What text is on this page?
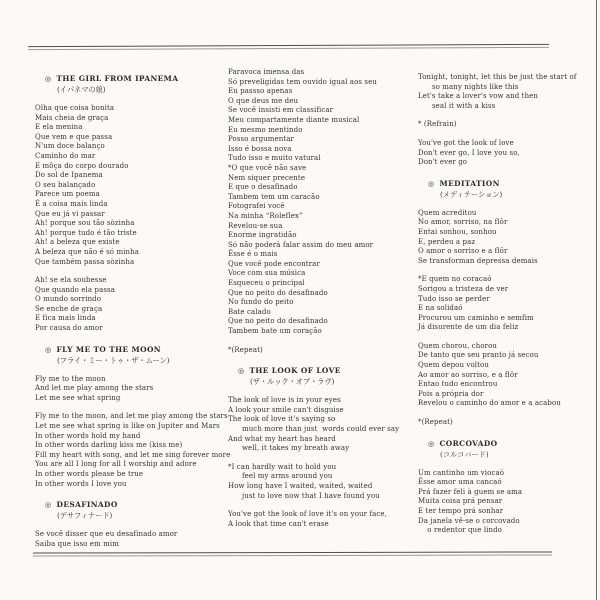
◎ THE GIRL FROM IPANEMA
(イパネマの娘)
Olha que coisa bonita
Mais cheia de graça
E ela menina
Que vem e que passa
N'um doce balanço
Caminho do mar
E môça do corpo dourado
Do sol de Ipanema
O seu balançado
Parece um poema
É a coisa mais linda
Que eu já vi passar
Ah! porque sou tão sòzinha
Ah! porque tudo é tão triste
Ah! a beleza que existe
A beleza que não é só minha
Que também passa sòzinha
Ah! se ela soubesse
Que quando ela passa
O mundo sorrindo
Se enche de graça
E fica mais linda
Por causa do amor
◎ FLY ME TO THE MOON
(フライ・ミー・トゥ・ザ・ムーン)
Fly me to the moon
And let me play among the stars
Let me see what spring
Fly me to the moon, and let me play among the stars
Let me see what spring is like on Jupiter and Mars
In other words hold my hand
In other words darling kiss me (kiss me)
Fill my heart with song, and let me sing forever more
You are all I long for all I worship and adore
In other words please be true
In other words I love you
◎ DESAFINADO
(デサフィナード)
Se você disser que eu desafinado amor
Saiba que isso em mim
Paravoca imensa das
Só preveligidas tem ouvido igual aos seu
Eu passso apenas
O que deus me deu
Se você insisti em classificar
Meu compartamente diante musical
Eu mesmo mentindo
Posso argumentar
Isso é bossa nova
Tudo isso e muito vatural
*O que você não save
Nem siquer precente
E que o desafinado
Tambem tem um caracão
Fotografei você
Na minha “Roleflex”
Revelou-se sua
Enorme ingratidão
Só não poderá falar assim do meu amor
Êsse é o mais
Que você pode encontrar
Voce com sua música
Esqueceu o principal
Que no peito do desafinado
No fundo do peito
Bate calado
Que no peito do desafinado
Tambem bate um coração
*(Repeat)
◎ THE LOOK OF LOVE
(ザ・ルック・オブ・ラヴ)
The look of love is in your eyes
A look your smile can't disguise
The look of love it's saying so
much more than just  words could ever say
And what my heart has heard
well, it takes my breath away
*I can hardly wait to hold you
feel my arms around you
How long have I waited, waited, waited
just to love now that I have found you
You've got the look of love it's on your face,
A look that time can't erase
Tonight, tonight, let this be just the start of
so many nights like this
Let's take a lover's vow and then
seal it with a kiss
* (Refrain)
You've got the look of love
Don't ever go, I love you so,
Don't ever go
◎ MEDITATION
(メディテーション)
Quem acreditou
No amor, sorriso, na flôr
Entai sonhou, sonhou
E, perdeu a paz
O amor o sorriso e a flôr
Se transforman depressa demais
*E quem no coracaó
Sorigou a tristeza de ver
Tudo isso se perder
E na solidaó
Procurou um caminho e semfim
Já disurente de um dia feliz
Quem chorou, chorou
De tanto que seu pranto já secou
Quem depou voltou
Ao amor ao sorriso, e a flôr
Entao tudo encontrou
Pois a própria dor
Revelou o caminho do amor e a acabou
*(Repeat)
◎ CORCOVADO
(コルコバード)
Um cantinho um viocaó
Êsse amor uma cancaó
Prá fazer feli à guem se ama
Muita coisa prá pensar
E ter tempo prá sonhar
Da janela vê-se o corcovado
o redentor que lindo
